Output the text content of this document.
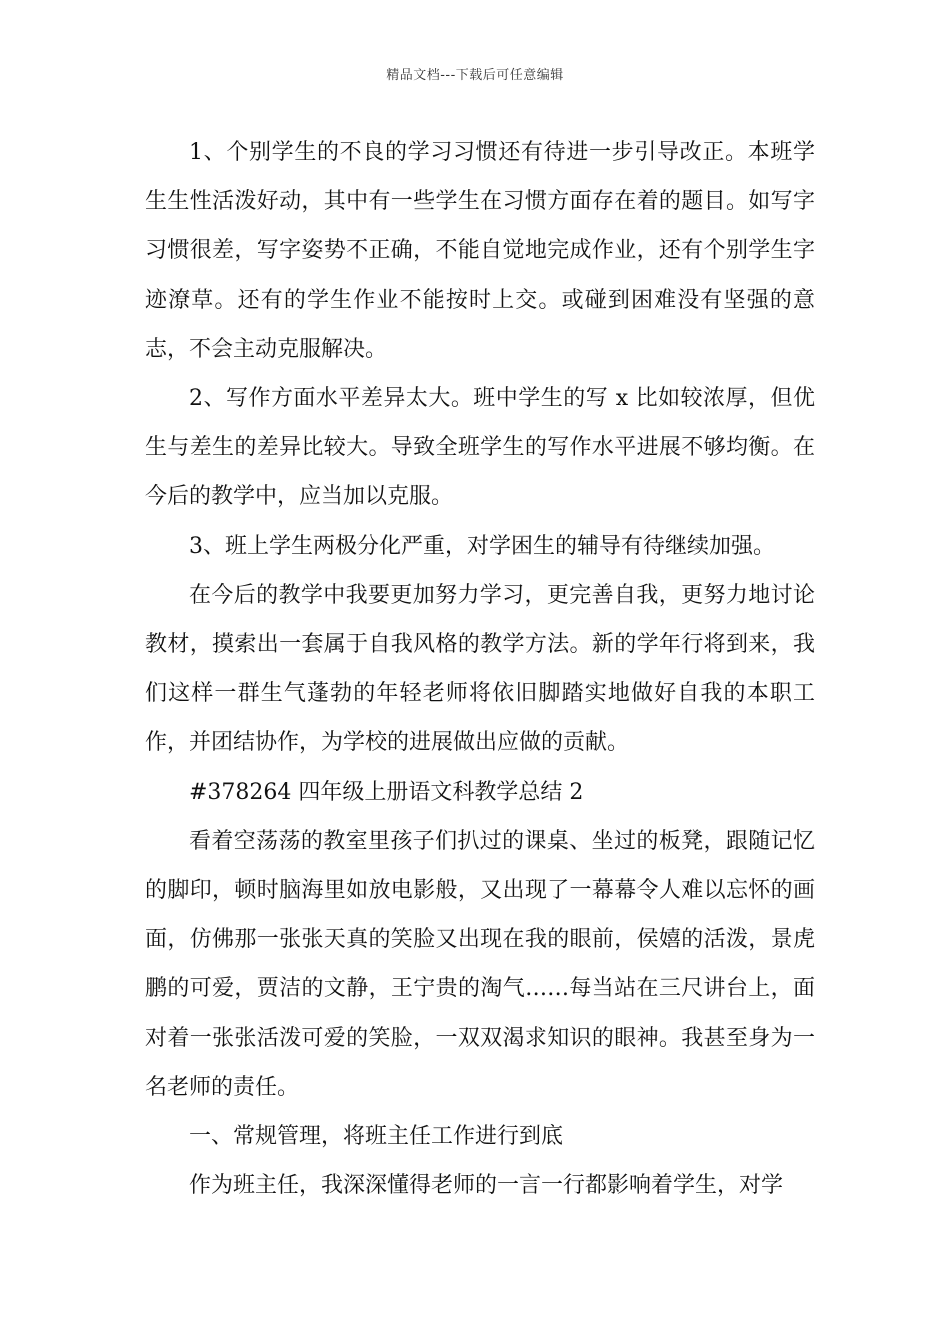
精品文档---下载后可任意编辑

1、个别学生的不良的学习习惯还有待进一步引导改正。本班学生生性活泼好动，其中有一些学生在习惯方面存在着的题目。如写字习惯很差，写字姿势不正确，不能自觉地完成作业，还有个别学生字迹潦草。还有的学生作业不能按时上交。或碰到困难没有坚强的意志，不会主动克服解决。

2、写作方面水平差异太大。班中学生的写 x 比如较浓厚，但优生与差生的差异比较大。导致全班学生的写作水平进展不够均衡。在今后的教学中，应当加以克服。

3、班上学生两极分化严重，对学困生的辅导有待继续加强。

在今后的教学中我要更加努力学习，更完善自我，更努力地讨论教材，摸索出一套属于自我风格的教学方法。新的学年行将到来，我们这样一群生气蓬勃的年轻老师将依旧脚踏实地做好自我的本职工作，并团结协作，为学校的进展做出应做的贡献。

#378264 四年级上册语文科教学总结 2

看着空荡荡的教室里孩子们扒过的课桌、坐过的板凳，跟随记忆的脚印，顿时脑海里如放电影般，又出现了一幕幕令人难以忘怀的画面，仿佛那一张张天真的笑脸又出现在我的眼前，侯嬉的活泼，景虎鹏的可爱，贾洁的文静，王宁贵的淘气……每当站在三尺讲台上，面对着一张张活泼可爱的笑脸，一双双渴求知识的眼神。我甚至身为一名老师的责任。

一、常规管理，将班主任工作进行到底

作为班主任，我深深懂得老师的一言一行都影响着学生，对学
